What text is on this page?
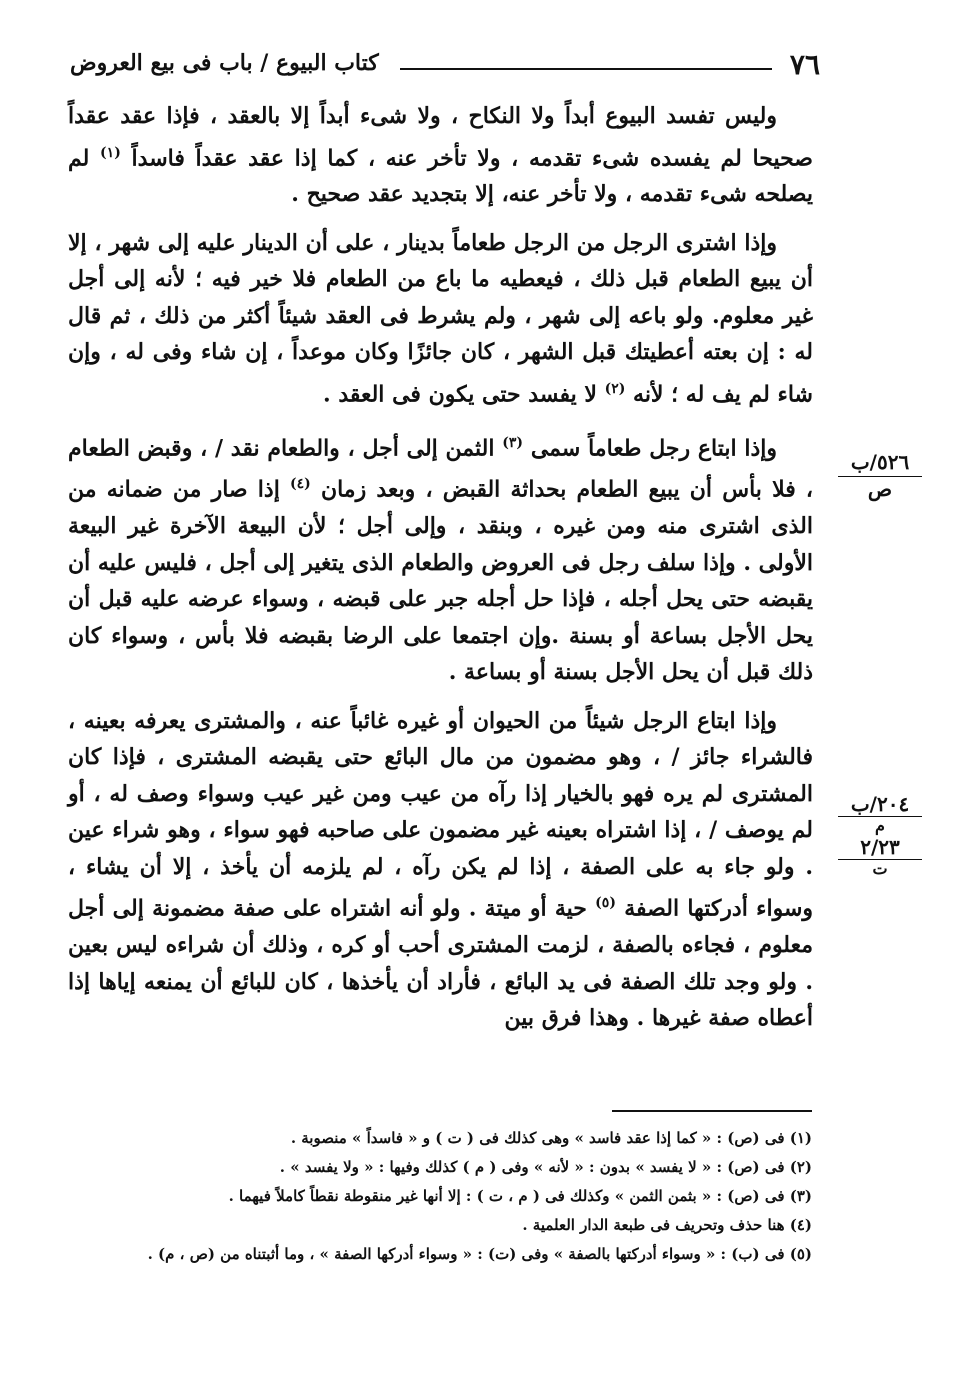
٧٦
كتاب البيوع / باب فى بيع العروض

وليس تفسد البيوع أبداً ولا النكاح ، ولا شىء أبداً إلا بالعقد ، فإذا عقد عقداً صحيحا لم يفسده شىء تقدمه ، ولا تأخر عنه ، كما إذا عقد عقداً فاسداً $^{(١)}$ لم يصلحه شىء تقدمه ، ولا تأخر عنه، إلا بتجديد عقد صحيح .

وإذا اشترى الرجل من الرجل طعاماً بدينار ، على أن الدينار عليه إلى شهر ، إلا أن يبيع الطعام قبل ذلك ، فيعطيه ما باع من الطعام فلا خير فيه ؛ لأنه إلى أجل غير معلوم. ولو باعه إلى شهر ، ولم يشرط فى العقد شيئاً أكثر من ذلك ، ثم قال له : إن بعته أعطيتك قبل الشهر ، كان جائزًا وكان موعداً ، إن شاء وفى له ، وإن شاء لم يف له ؛ لأنه $^{(٢)}$ لا يفسد حتى يكون فى العقد .

وإذا ابتاع رجل طعاماً سمى $^{(٣)}$ الثمن إلى أجل ، والطعام نقد / ، وقبض الطعام ، فلا بأس أن يبيع الطعام بحداثة القبض ، وبعد زمان $^{(٤)}$ إذا صار من ضمانه من الذى اشترى منه ومن غيره ، وبنقد ، وإلى أجل ؛ لأن البيعة الآخرة غير البيعة الأولى . وإذا سلف رجل فى العروض والطعام الذى يتغير إلى أجل ، فليس عليه أن يقبضه حتى يحل أجله ، فإذا حل أجله جبر على قبضه ، وسواء عرضه عليه قبل أن يحل الأجل بساعة أو بسنة .وإن اجتمعا على الرضا بقبضه فلا بأس ، وسواء كان ذلك قبل أن يحل الأجل بسنة أو بساعة .

وإذا ابتاع الرجل شيئاً من الحيوان أو غيره غائباً عنه ، والمشترى يعرفه بعينه ، فالشراء جائز / ، وهو مضمون من مال البائع حتى يقبضه المشترى ، فإذا كان المشترى لم يره فهو بالخيار إذا رآه من عيب ومن غير عيب وسواء وصف له ، أو لم يوصف / ، إذا اشتراه بعينه غير مضمون على صاحبه فهو سواء ، وهو شراء عين . ولو جاء به على الصفة ، إذا لم يكن رآه ، لم يلزمه أن يأخذ ، إلا أن يشاء ، وسواء أدركتها الصفة $^{(٥)}$ حية أو ميتة . ولو أنه اشتراه على صفة مضمونة إلى أجل معلوم ، فجاءه بالصفة ، لزمت المشترى أحب أو كره ، وذلك أن شراءه ليس بعين . ولو وجد تلك الصفة فى يد البائع ، فأراد أن يأخذها ، كان للبائع أن يمنعه إياها إذا أعطاه صفة غيرها . وهذا فرق بين

٥٢٦/ب
ص
٢٠٤/ب
م
٢/٢٣
ت

(١) فى (ص) : « كما إذا عقد فاسد » وهى كذلك فى ( ت ) و « فاسداً » منصوبة .

(٢) فى (ص) : « لا يفسد » بدون : « لأنه » وفى ( م ) كذلك وفيها : « ولا يفسد » .

(٣) فى (ص) : « بثمن الثمن » وكذلك فى ( م ، ت ) : إلا أنها غير منقوطة نقطاً كاملاً فيهما .

(٤) هنا حذف وتحريف فى طبعة الدار العلمية .

(٥) فى (ب) : « وسواء أدركتها بالصفة » وفى (ت) : « وسواء أدركها الصفة » ، وما أثبتناه من (ص ، م) .
